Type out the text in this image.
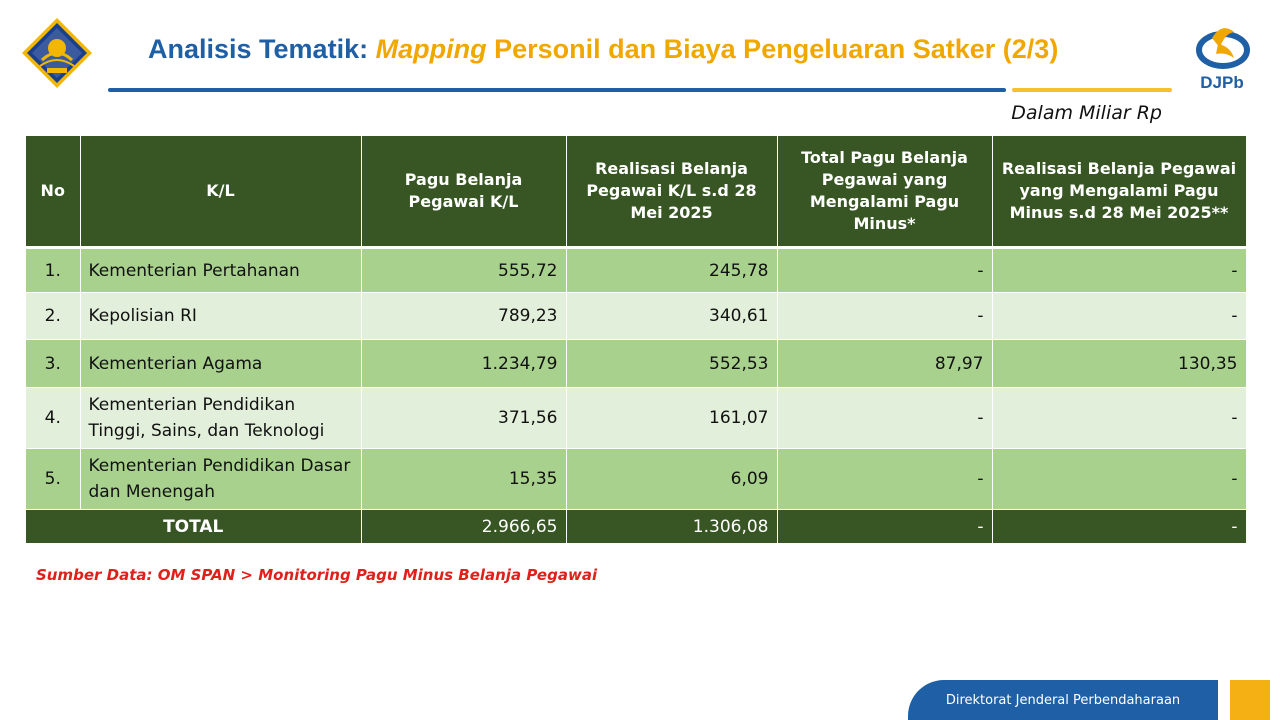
Analisis Tematik: Mapping Personil dan Biaya Pengeluaran Satker (2/3)
DJPb
Dalam Miliar Rp
No	K/L	Pagu Belanja Pegawai K/L	Realisasi Belanja Pegawai K/L s.d 28 Mei 2025	Total Pagu Belanja Pegawai yang Mengalami Pagu Minus*	Realisasi Belanja Pegawai yang Mengalami Pagu Minus s.d 28 Mei 2025**
1.	Kementerian Pertahanan	555,72	245,78	-	-
2.	Kepolisian RI	789,23	340,61	-	-
3.	Kementerian Agama	1.234,79	552,53	87,97	130,35
4.	Kementerian Pendidikan Tinggi, Sains, dan Teknologi	371,56	161,07	-	-
5.	Kementerian Pendidikan Dasar dan Menengah	15,35	6,09	-	-
TOTAL		2.966,65	1.306,08	-	-
Sumber Data: OM SPAN > Monitoring Pagu Minus Belanja Pegawai
Direktorat Jenderal Perbendaharaan
